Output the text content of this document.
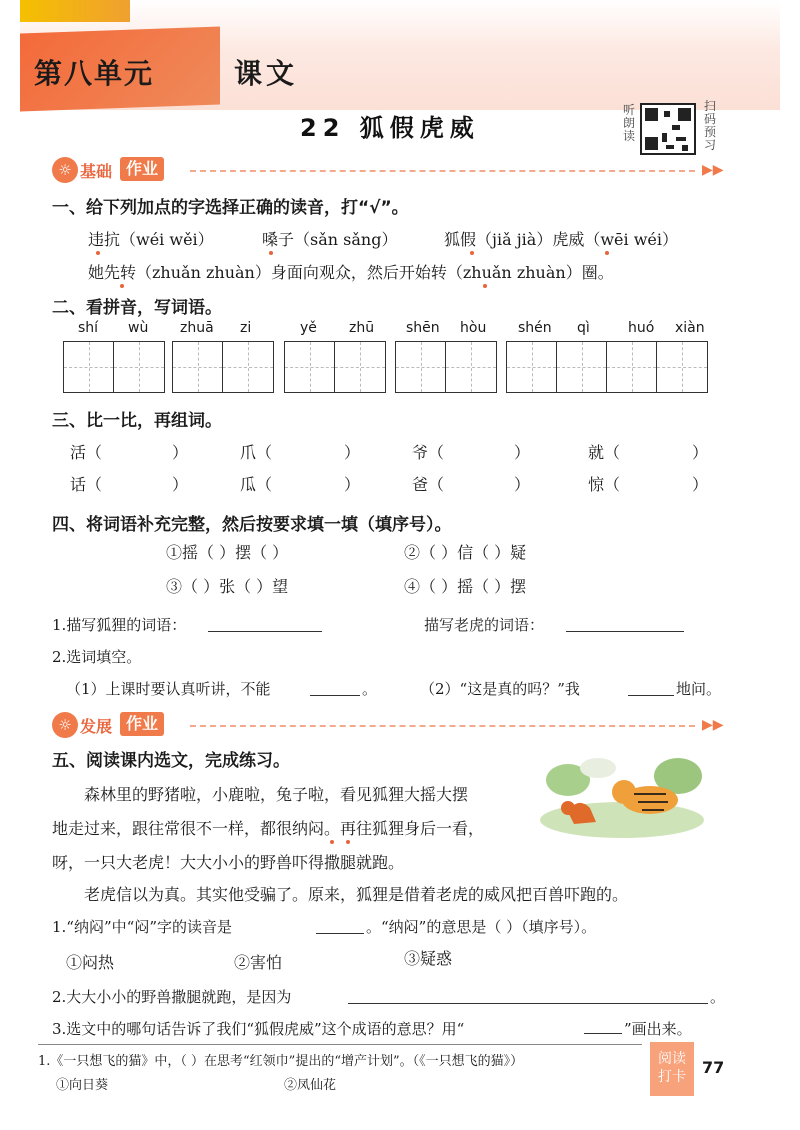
第八单元	课文
22 狐假虎威
听朗读
扫码预习
▶▶
☼ 基础 作业
一、给下列加点的字选择正确的读音，打“√”。
违抗（wéi wěi）	嗓子（sǎn sǎng）	狐假（jiǎ jià）虎威（wēi wéi）
她先转（zhuǎn zhuàn）身面向观众，然后开始转（zhuǎn zhuàn）圈。
二、看拼音，写词语。
shí wù zhuā zi	yě zhū shēn hòu shén qì	huó xiàn
三、比一比，再组词。
活（	）	爪（	）	爷（	）	就（	）
话（	）	瓜（	）	爸（	）	惊（	）
四、将词语补充完整，然后按要求填一填（填序号）。
①摇（ ）摆（ ）	②（ ）信（ ）疑
③（ ）张（ ）望	④（ ）摇（ ）摆
1.描写狐狸的词语：	描写老虎的词语：
2.选词填空。
（1）上课时要认真听讲，不能	。	（2）“这是真的吗？”我	地问。
☼ 发展 作业	▶▶
五、阅读课内选文，完成练习。
森林里的野猪啦，小鹿啦，兔子啦，看见狐狸大摇大摆
地走过来，跟往常很不一样，都很纳闷。再往狐狸身后一看，
呀，一只大老虎！大大小小的野兽吓得撒腿就跑。
老虎信以为真。其实他受骗了。原来，狐狸是借着老虎的威风把百兽吓跑的。
1.“纳闷”中“闷”字的读音是	。“纳闷”的意思是（ ）（填序号）。
①闷热	②害怕	③疑惑
2.大大小小的野兽撒腿就跑，是因为	。
3.选文中的哪句话告诉了我们“狐假虎威”这个成语的意思？用“	”画出来。
1.《一只想飞的猫》中，（ ）在思考“红领巾”提出的“增产计划”。（《一只想飞的猫》）
①向日葵	②凤仙花
阅读
打卡	77
